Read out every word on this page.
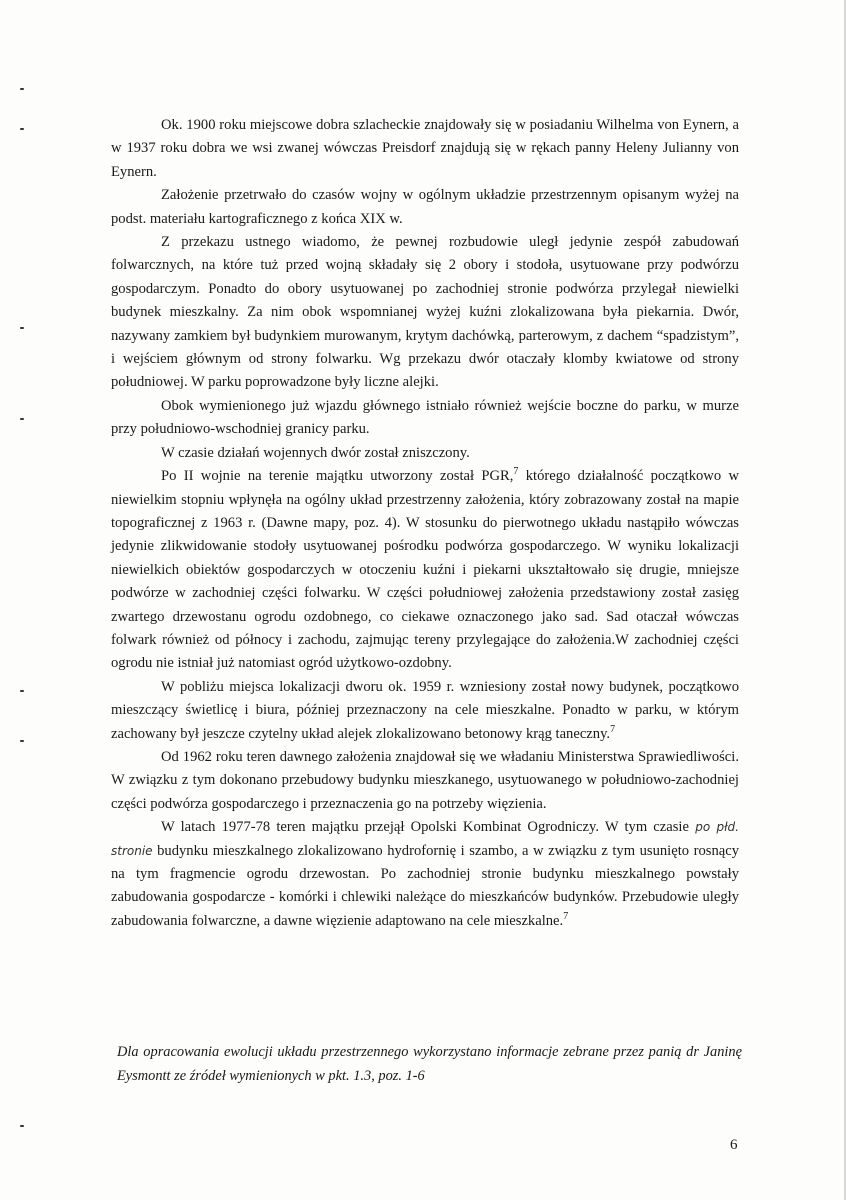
Ok. 1900 roku miejscowe dobra szlacheckie znajdowały się w posiadaniu Wilhelma von Eynern, a w 1937 roku dobra we wsi zwanej wówczas Preisdorf znajdują się w rękach panny Heleny Julianny von Eynern.

Założenie przetrwało do czasów wojny w ogólnym układzie przestrzennym opisanym wyżej na podst. materiału kartograficznego z końca XIX w.

Z przekazu ustnego wiadomo, że pewnej rozbudowie uległ jedynie zespół zabudowań folwarcznych, na które tuż przed wojną składały się 2 obory i stodoła, usytuowane przy podwórzu gospodarczym. Ponadto do obory usytuowanej po zachodniej stronie podwórza przylegał niewielki budynek mieszkalny. Za nim obok wspomnianej wyżej kuźni zlokalizowana była piekarnia. Dwór, nazywany zamkiem był budynkiem murowanym, krytym dachówką, parterowym, z dachem “spadzistym”, i wejściem głównym od strony folwarku. Wg przekazu dwór otaczały klomby kwiatowe od strony południowej. W parku poprowadzone były liczne alejki.

Obok wymienionego już wjazdu głównego istniało również wejście boczne do parku, w murze przy południowo-wschodniej granicy parku.

W czasie działań wojennych dwór został zniszczony.

Po II wojnie na terenie majątku utworzony został PGR,$^7$ którego działalność początkowo w niewielkim stopniu wpłynęła na ogólny układ przestrzenny założenia, który zobrazowany został na mapie topograficznej z 1963 r. (Dawne mapy, poz. 4). W stosunku do pierwotnego układu nastąpiło wówczas jedynie zlikwidowanie stodoły usytuowanej pośrodku podwórza gospodarczego. W wyniku lokalizacji niewielkich obiektów gospodarczych w otoczeniu kuźni i piekarni ukształtowało się drugie, mniejsze podwórze w zachodniej części folwarku. W części południowej założenia przedstawiony został zasięg zwartego drzewostanu ogrodu ozdobnego, co ciekawe oznaczonego jako sad. Sad otaczał wówczas folwark również od północy i zachodu, zajmując tereny przylegające do założenia.W zachodniej części ogrodu nie istniał już natomiast ogród użytkowo-ozdobny.

W pobliżu miejsca lokalizacji dworu ok. 1959 r. wzniesiony został nowy budynek, początkowo mieszczący świetlicę i biura, później przeznaczony na cele mieszkalne. Ponadto w parku, w którym zachowany był jeszcze czytelny układ alejek zlokalizowano betonowy krąg taneczny.$^7$

Od 1962 roku teren dawnego założenia znajdował się we władaniu Ministerstwa Sprawiedliwości. W związku z tym dokonano przebudowy budynku mieszkanego, usytuowanego w południowo-zachodniej części podwórza gospodarczego i przeznaczenia go na potrzeby więzienia.

W latach 1977-78 teren majątku przejął Opolski Kombinat Ogrodniczy. W tym czasie po płd. stronie budynku mieszkalnego zlokalizowano hydrofornię i szambo, a w związku z tym usunięto rosnący na tym fragmencie ogrodu drzewostan. Po zachodniej stronie budynku mieszkalnego powstały zabudowania gospodarcze - komórki i chlewiki należące do mieszkańców budynków. Przebudowie uległy zabudowania folwarczne, a dawne więzienie adaptowano na cele mieszkalne.$^7$

Dla opracowania ewolucji układu przestrzennego wykorzystano informacje zebrane przez panią dr Janinę Eysmontt ze źródeł wymienionych w pkt. 1.3, poz. 1-6
6
